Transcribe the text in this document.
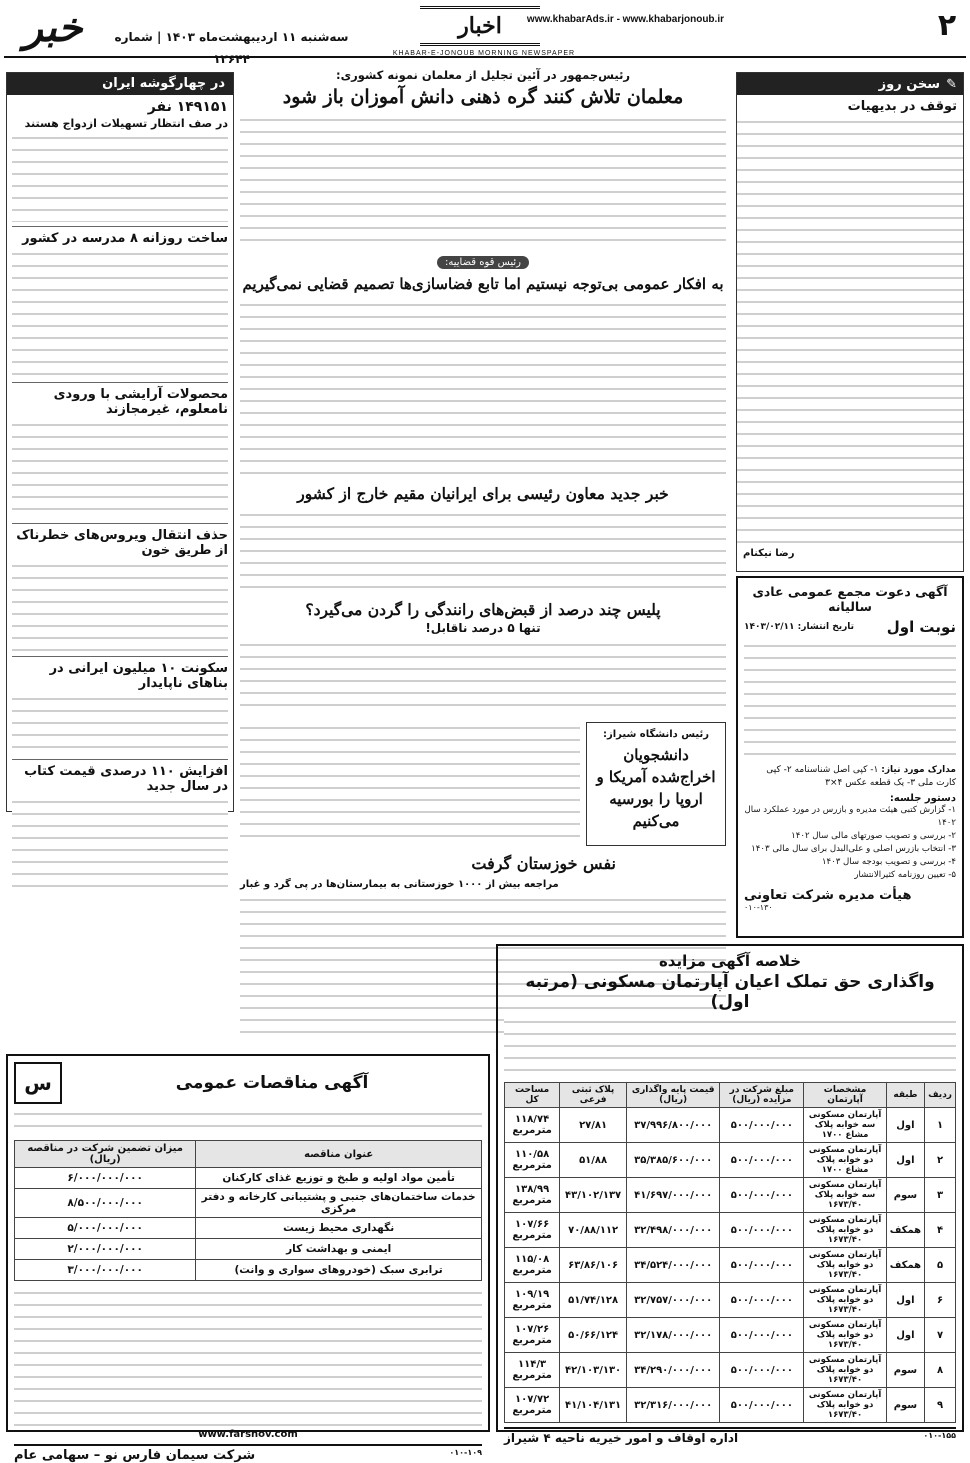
۲
www.khabarAds.ir - www.khabarjonoub.ir
اخبار
سه‌شنبه ۱۱ اردیبهشت‌ماه ۱۴۰۳ | شماره ۱۲۶۴۴
خبر
KHABAR-E-JONOUB MORNING NEWSPAPER
✎
سخن روز
توقف در بدیهیات
رضا نیکنام
آگهی دعوت مجمع عمومی عادی سالیانه
نوبت اول
تاریخ انتشار: ۱۴۰۳/۰۲/۱۱
مدارک مورد نیاز: ۱- کپی اصل شناسنامه ۲- کپی کارت ملی ۳- یک قطعه عکس ۴×۳
دستور جلسه:
۱- گزارش کتبی هیئت مدیره و بازرس در مورد عملکرد سال ۱۴۰۲
۲- بررسی و تصویب صورتهای مالی سال ۱۴۰۲
۳- انتخاب بازرس اصلی و علی‌البدل برای سال مالی ۱۴۰۳
۴- بررسی و تصویب بودجه سال ۱۴۰۳
۵- تعیین روزنامه کثیرالانتشار
هیأت مدیره شرکت تعاونی
۰۱۰-۱۳۰
در چهارگوشه ایران
۱۴۹۱۵۱ نفر
در صف انتظار تسهیلات ازدواج هستند
ساخت روزانه ۸ مدرسه در کشور
محصولات آرایشی با ورودی نامعلوم، غیرمجازند
حذف انتقال ویروس‌های خطرناک از طریق خون
سکونت ۱۰ میلیون ایرانی در بناهای ناپایدار
افزایش ۱۱۰ درصدی قیمت کتاب در سال جدید
رئیس‌جمهور در آئین تجلیل از معلمان نمونه کشوری:
معلمان تلاش کنند گره ذهنی دانش آموزان باز شود
رئیس قوه قضاییه:
به افکار عمومی بی‌توجه نیستیم اما تابع فضاسازی‌ها تصمیم قضایی نمی‌گیریم
خبر جدید معاون رئیسی برای ایرانیان مقیم خارج از کشور
پلیس چند درصد از قبض‌های رانندگی را گردن می‌گیرد؟
تنها ۵ درصد ناقابل!
رئیس دانشگاه شیراز:
دانشجویان اخراج‌شده آمریکا و اروپا را بورسیه می‌کنیم
نفس خوزستان گرفت
مراجعه بیش از ۱۰۰۰ خوزستانی به بیمارستان‌ها در پی گرد و غبار
خلاصه آگهی مزایده
واگذاری حق تملک اعیان آپارتمان مسکونی (مرتبه اول)
ردیف	طبقه	مشخصات آپارتمان	مبلغ شرکت در مزایده (ریال)	قیمت پایه واگذاری (ریال)	پلاک ثبتی فرعی	مساحت کل
۱	اول	آپارتمان مسکونی سه خوابه پلاک مشاع ۱۷۰۰	۵۰۰/۰۰۰/۰۰۰	۳۷/۹۹۶/۸۰۰/۰۰۰	۲۷/۸۱	۱۱۸/۷۴ مترمربع
۲	اول	آپارتمان مسکونی دو خوابه پلاک مشاع ۱۷۰۰	۵۰۰/۰۰۰/۰۰۰	۳۵/۳۸۵/۶۰۰/۰۰۰	۵۱/۸۸	۱۱۰/۵۸ مترمربع
۳	سوم	آپارتمان مسکونی سه خوابه پلاک ۱۶۷۳/۴۰	۵۰۰/۰۰۰/۰۰۰	۴۱/۶۹۷/۰۰۰/۰۰۰	۴۳/۱۰۲/۱۳۷	۱۳۸/۹۹ مترمربع
۴	همکف	آپارتمان مسکونی دو خوابه پلاک ۱۶۷۳/۴۰	۵۰۰/۰۰۰/۰۰۰	۳۲/۴۹۸/۰۰۰/۰۰۰	۷۰/۸۸/۱۱۲	۱۰۷/۶۶ مترمربع
۵	همکف	آپارتمان مسکونی دو خوابه پلاک ۱۶۷۳/۴۰	۵۰۰/۰۰۰/۰۰۰	۳۴/۵۲۴/۰۰۰/۰۰۰	۶۳/۸۶/۱۰۶	۱۱۵/۰۸ مترمربع
۶	اول	آپارتمان مسکونی دو خوابه پلاک ۱۶۷۳/۴۰	۵۰۰/۰۰۰/۰۰۰	۳۲/۷۵۷/۰۰۰/۰۰۰	۵۱/۷۴/۱۲۸	۱۰۹/۱۹ مترمربع
۷	اول	آپارتمان مسکونی دو خوابه پلاک ۱۶۷۳/۴۰	۵۰۰/۰۰۰/۰۰۰	۳۲/۱۷۸/۰۰۰/۰۰۰	۵۰/۶۶/۱۲۴	۱۰۷/۲۶ مترمربع
۸	سوم	آپارتمان مسکونی دو خوابه پلاک ۱۶۷۳/۴۰	۵۰۰/۰۰۰/۰۰۰	۳۴/۲۹۰/۰۰۰/۰۰۰	۴۲/۱۰۳/۱۳۰	۱۱۴/۳ مترمربع
۹	سوم	آپارتمان مسکونی دو خوابه پلاک ۱۶۷۳/۴۰	۵۰۰/۰۰۰/۰۰۰	۳۲/۳۱۶/۰۰۰/۰۰۰	۴۱/۱۰۴/۱۳۱	۱۰۷/۷۲ مترمربع
۰۱۰-۱۵۵
اداره اوقاف و امور خیریه ناحیه ۴ شیراز
آگهی مناقصات عمومی
س
عنوان مناقصه	میزان تضمین شرکت در مناقصه (ریال)
تأمین مواد اولیه و طبخ و توزیع غذای کارکنان	۶/۰۰۰/۰۰۰/۰۰۰
خدمات ساختمان‌های جنبی و پشتیبانی کارخانه و دفتر مرکزی	۸/۵۰۰/۰۰۰/۰۰۰
نگهداری محیط زیست	۵/۰۰۰/۰۰۰/۰۰۰
ایمنی و بهداشت کار	۲/۰۰۰/۰۰۰/۰۰۰
ترابری سبک (خودروهای سواری و وانت)	۳/۰۰۰/۰۰۰/۰۰۰
www.farsnov.com
۰۱۰-۱۰۹
شرکت سیمان فارس نو – سهامی عام
